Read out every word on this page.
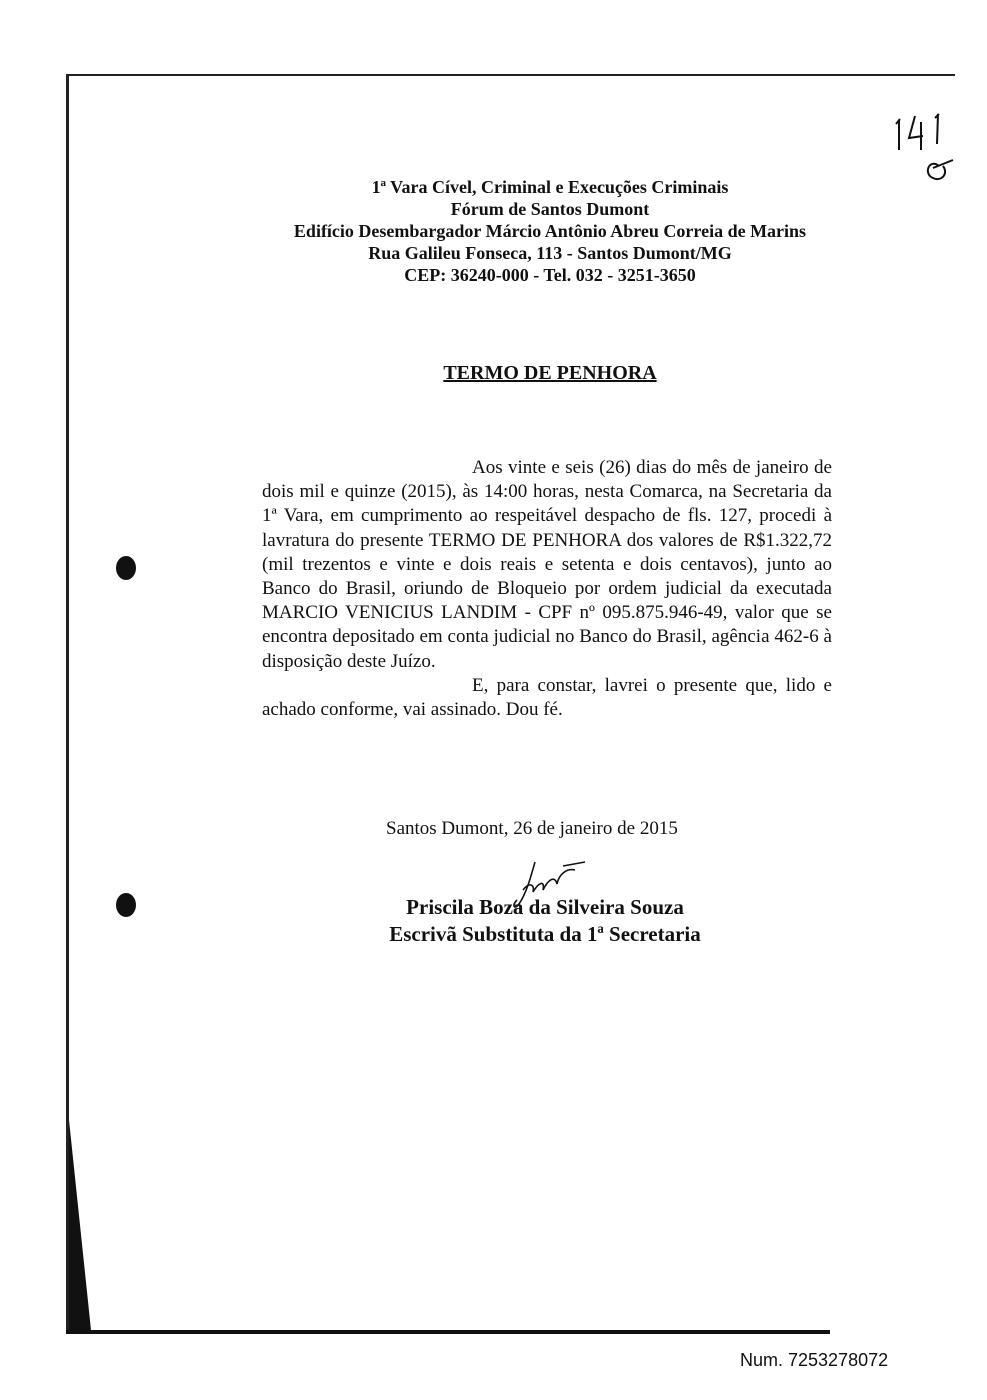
1ª Vara Cível, Criminal e Execuções Criminais
Fórum de Santos Dumont
Edifício Desembargador Márcio Antônio Abreu Correia de Marins
Rua Galileu Fonseca, 113 - Santos Dumont/MG
CEP: 36240-000 - Tel. 032 - 3251-3650
TERMO DE PENHORA

Aos vinte e seis (26) dias do mês de janeiro de dois mil e quinze (2015), às 14:00 horas, nesta Comarca, na Secretaria da 1ª Vara, em cumprimento ao respeitável despacho de fls. 127, procedi à lavratura do presente TERMO DE PENHORA dos valores de R$1.322,72 (mil trezentos e vinte e dois reais e setenta e dois centavos), junto ao Banco do Brasil, oriundo de Bloqueio por ordem judicial da executada MARCIO VENICIUS LANDIM - CPF nº 095.875.946-49, valor que se encontra depositado em conta judicial no Banco do Brasil, agência 462-6 à disposição deste Juízo.

E, para constar, lavrei o presente que, lido e achado conforme, vai assinado. Dou fé.

Santos Dumont, 26 de janeiro de 2015
Priscila Boza da Silveira Souza
Escrivã Substituta da 1ª Secretaria
Num. 7253278072
